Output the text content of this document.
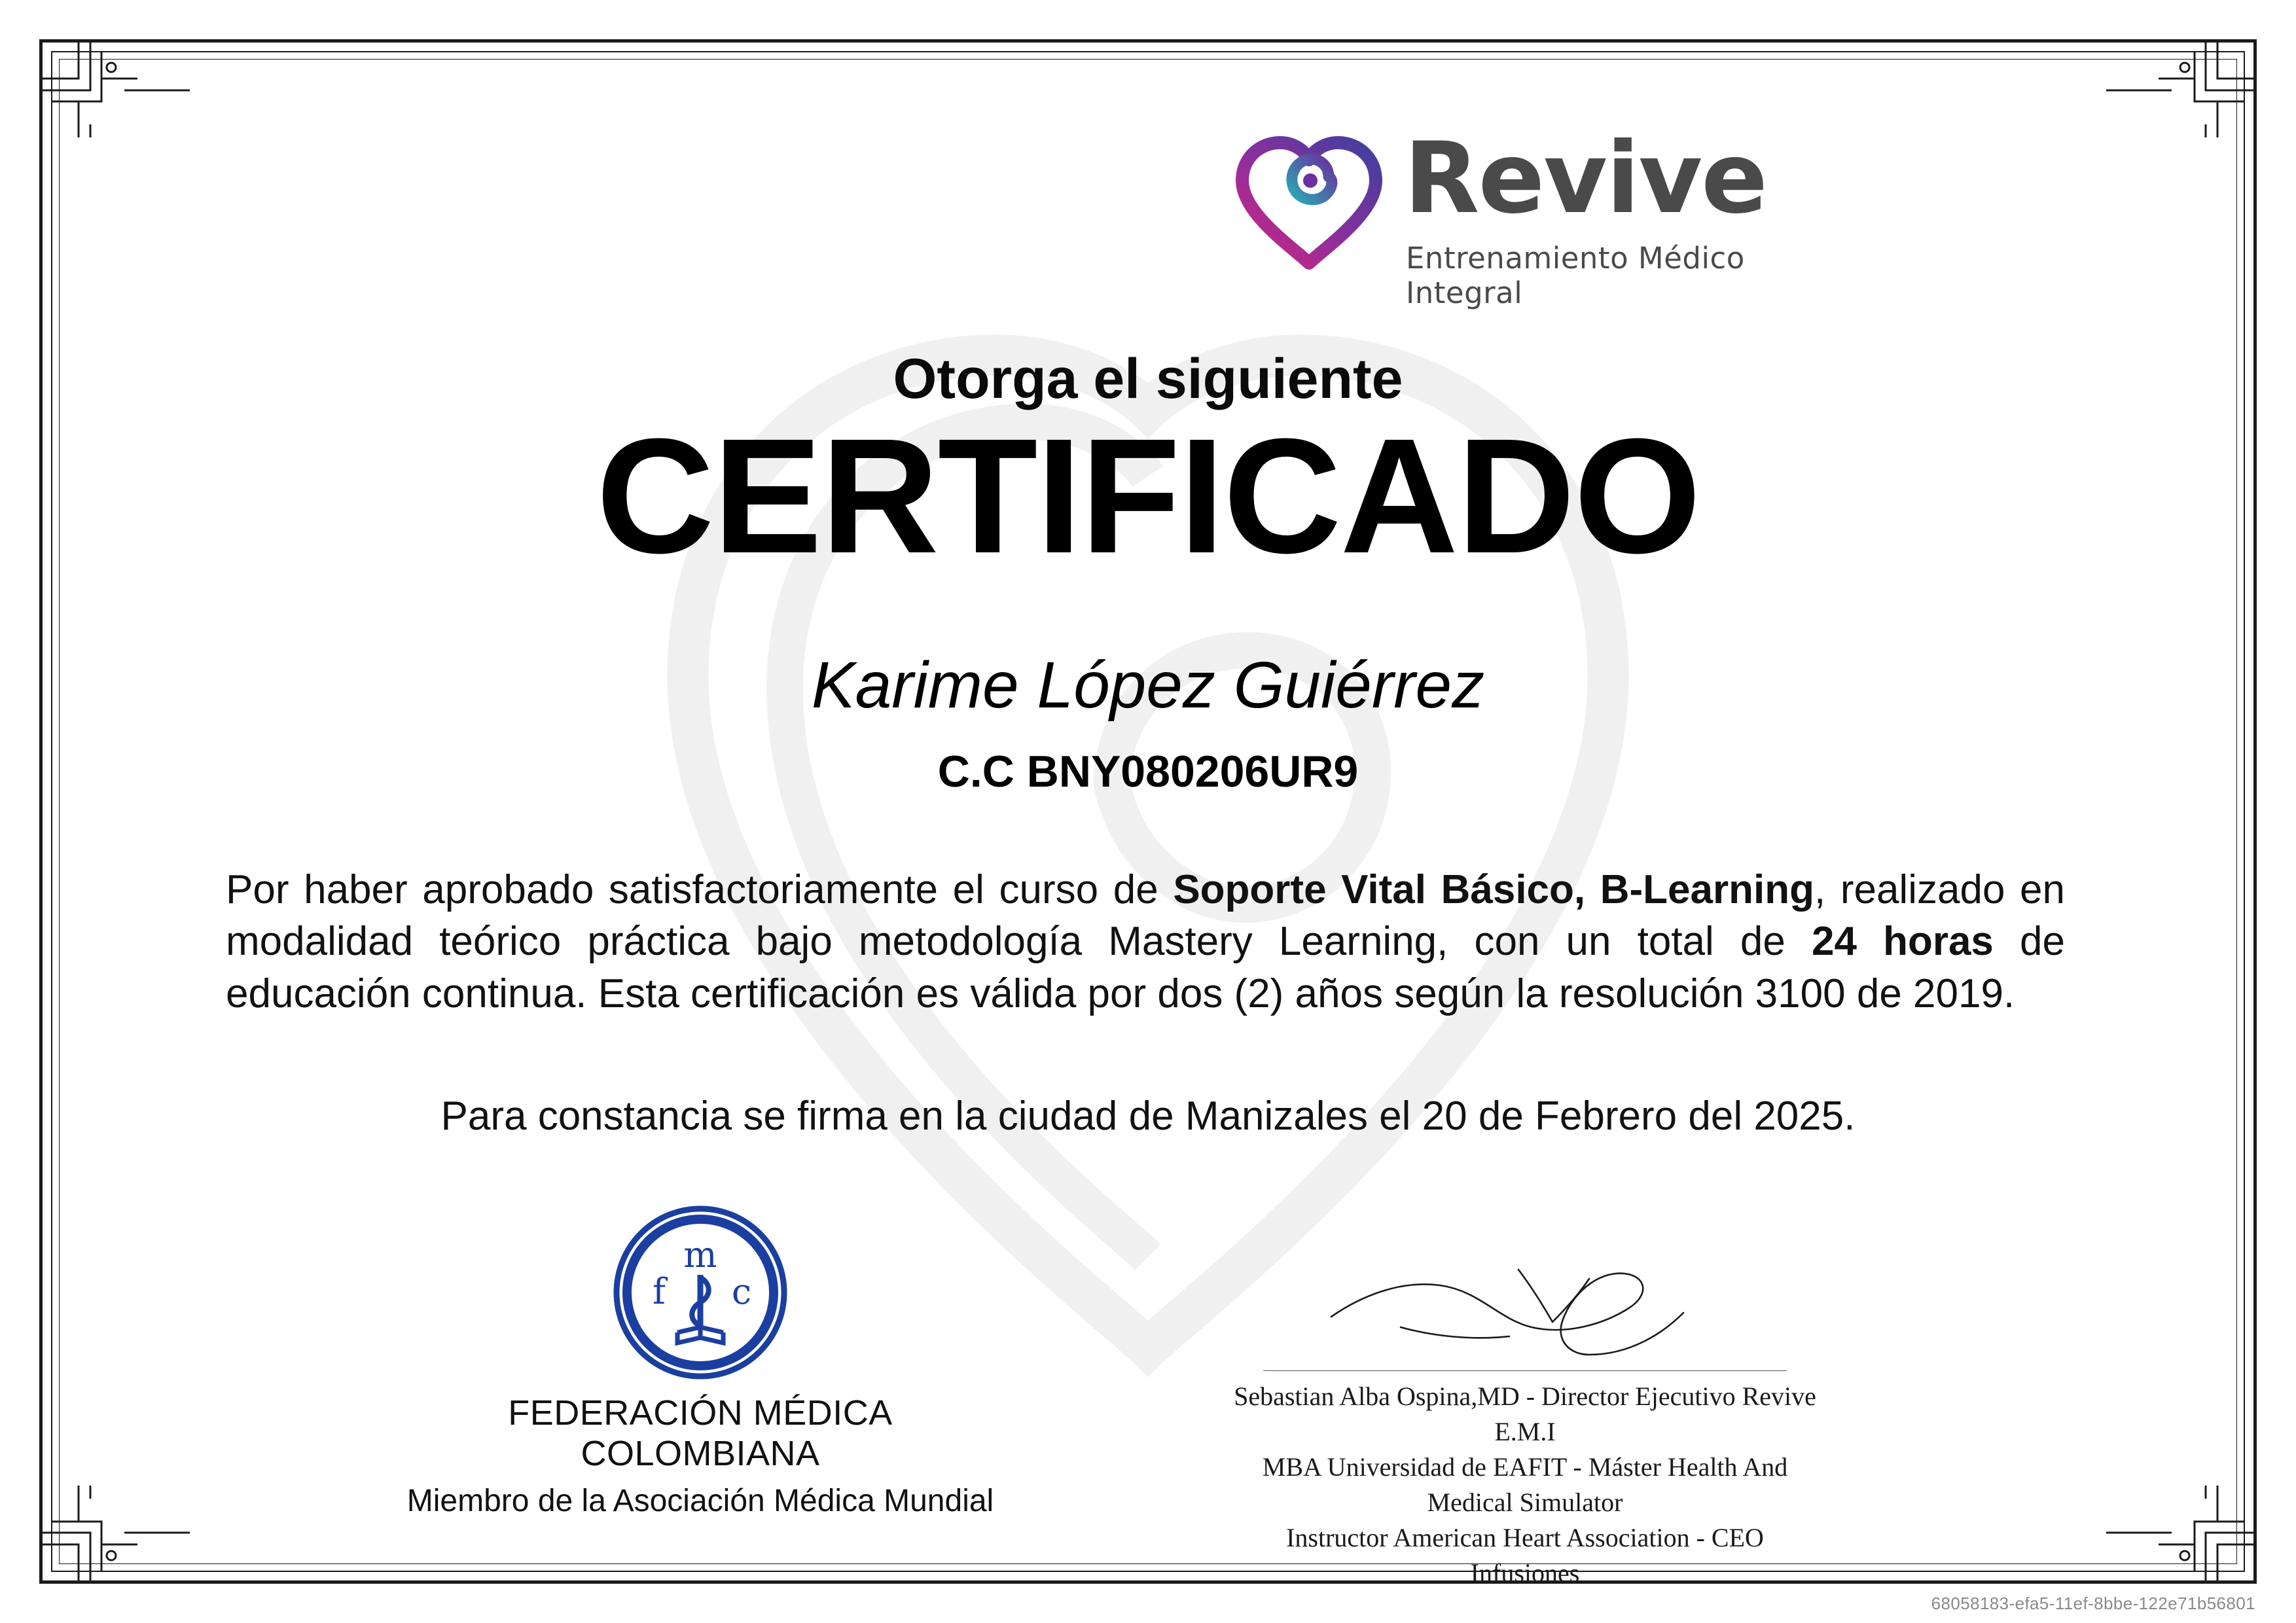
Revive
Entrenamiento Médico Integral
Otorga el siguiente
CERTIFICADO
Karime López Guiérrez
C.C BNY080206UR9
Por haber aprobado satisfactoriamente el curso de Soporte Vital Básico, B-Learning, realizado en modalidad teórico práctica bajo metodología Mastery Learning, con un total de 24 horas de educación continua. Esta certificación es válida por dos (2) años según la resolución 3100 de 2019.
Para constancia se firma en la ciudad de Manizales el 20 de Febrero del 2025.
m
f c
FEDERACIÓN MÉDICA COLOMBIANA
Miembro de la Asociación Médica Mundial
Sebastian Alba Ospina,MD - Director Ejecutivo Revive E.M.I
MBA Universidad de EAFIT - Máster Health And Medical Simulator
Instructor American Heart Association - CEO Infusiones
68058183-efa5-11ef-8bbe-122e71b56801
